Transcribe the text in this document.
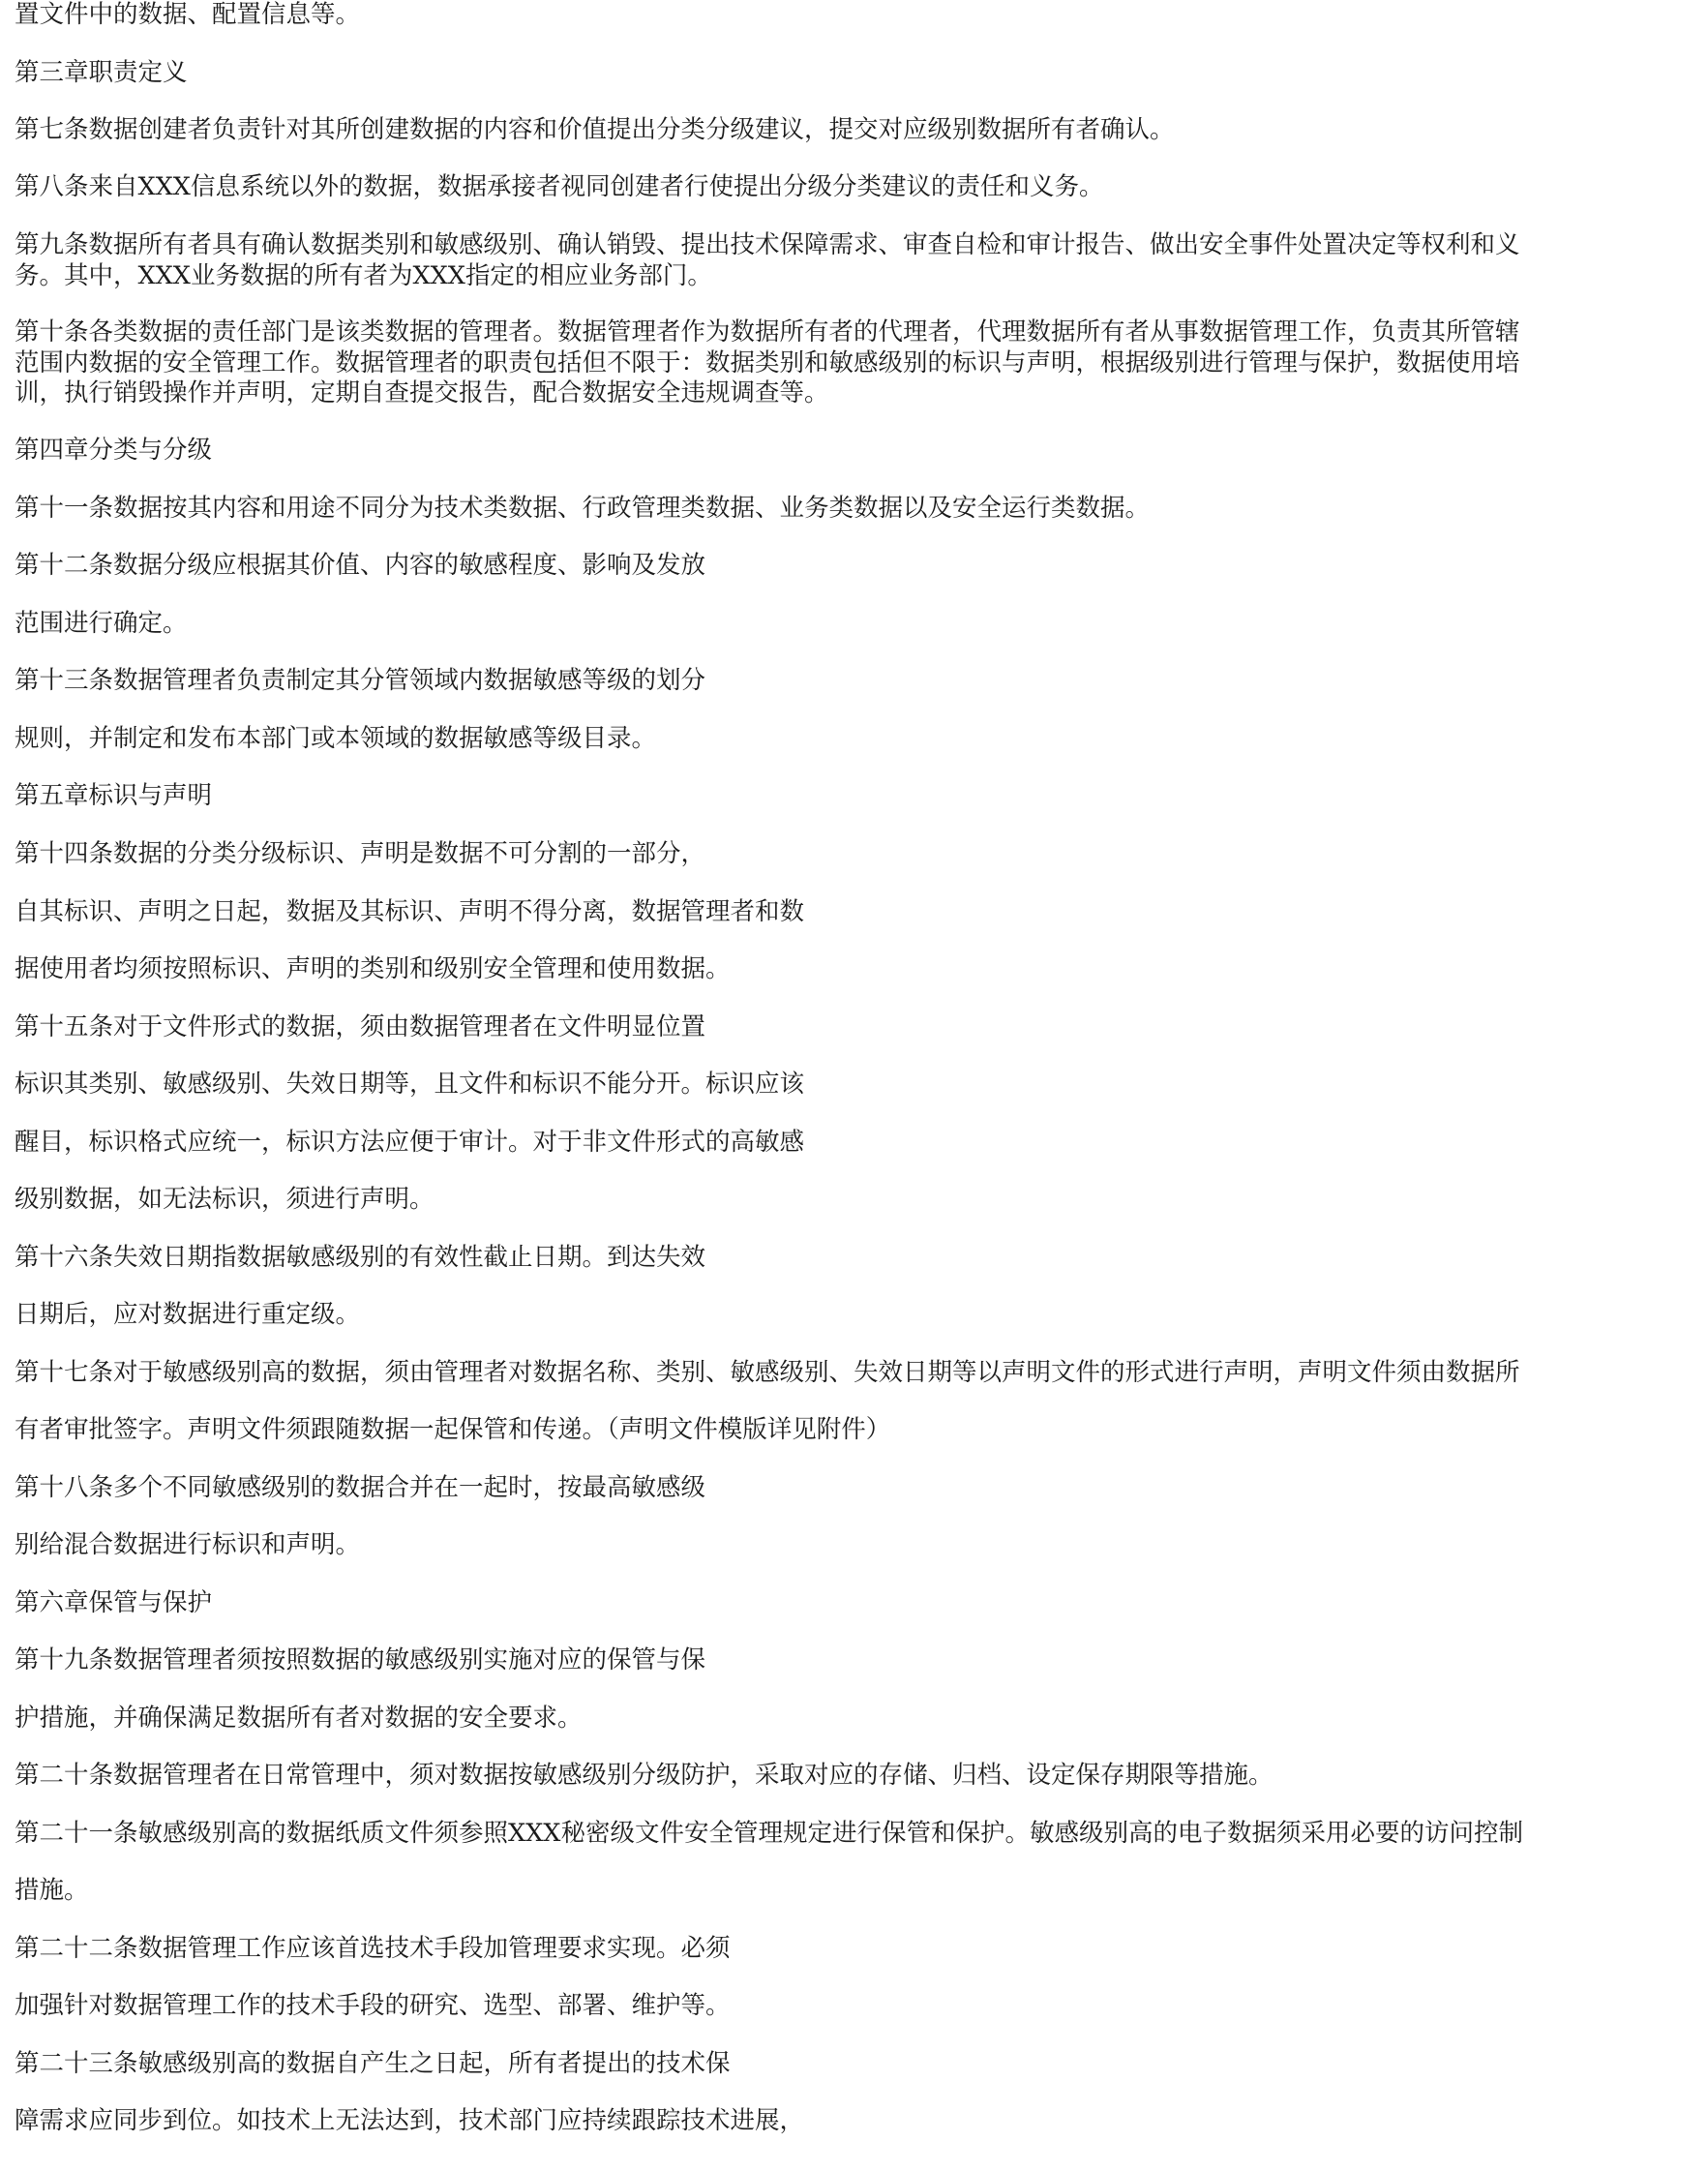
置文件中的数据、配置信息等。
第三章职责定义
第七条数据创建者负责针对其所创建数据的内容和价值提出分类分级建议，提交对应级别数据所有者确认。
第八条来自XXX信息系统以外的数据，数据承接者视同创建者行使提出分级分类建议的责任和义务。
第九条数据所有者具有确认数据类别和敏感级别、确认销毁、提出技术保障需求、审查自检和审计报告、做出安全事件处置决定等权利和义
务。其中，XXX业务数据的所有者为XXX指定的相应业务部门。
第十条各类数据的责任部门是该类数据的管理者。数据管理者作为数据所有者的代理者，代理数据所有者从事数据管理工作，负责其所管辖
范围内数据的安全管理工作。数据管理者的职责包括但不限于：数据类别和敏感级别的标识与声明，根据级别进行管理与保护，数据使用培
训，执行销毁操作并声明，定期自查提交报告，配合数据安全违规调查等。
第四章分类与分级
第十一条数据按其内容和用途不同分为技术类数据、行政管理类数据、业务类数据以及安全运行类数据。
第十二条数据分级应根据其价值、内容的敏感程度、影响及发放
范围进行确定。
第十三条数据管理者负责制定其分管领域内数据敏感等级的划分
规则，并制定和发布本部门或本领域的数据敏感等级目录。
第五章标识与声明
第十四条数据的分类分级标识、声明是数据不可分割的一部分，
自其标识、声明之日起，数据及其标识、声明不得分离，数据管理者和数
据使用者均须按照标识、声明的类别和级别安全管理和使用数据。
第十五条对于文件形式的数据，须由数据管理者在文件明显位置
标识其类别、敏感级别、失效日期等，且文件和标识不能分开。标识应该
醒目，标识格式应统一，标识方法应便于审计。对于非文件形式的高敏感
级别数据，如无法标识，须进行声明。
第十六条失效日期指数据敏感级别的有效性截止日期。到达失效
日期后，应对数据进行重定级。
第十七条对于敏感级别高的数据，须由管理者对数据名称、类别、敏感级别、失效日期等以声明文件的形式进行声明，声明文件须由数据所
有者审批签字。声明文件须跟随数据一起保管和传递。（声明文件模版详见附件）
第十八条多个不同敏感级别的数据合并在一起时，按最高敏感级
别给混合数据进行标识和声明。
第六章保管与保护
第十九条数据管理者须按照数据的敏感级别实施对应的保管与保
护措施，并确保满足数据所有者对数据的安全要求。
第二十条数据管理者在日常管理中，须对数据按敏感级别分级防护，采取对应的存储、归档、设定保存期限等措施。
第二十一条敏感级别高的数据纸质文件须参照XXX秘密级文件安全管理规定进行保管和保护。敏感级别高的电子数据须采用必要的访问控制
措施。
第二十二条数据管理工作应该首选技术手段加管理要求实现。必须
加强针对数据管理工作的技术手段的研究、选型、部署、维护等。
第二十三条敏感级别高的数据自产生之日起，所有者提出的技术保
障需求应同步到位。如技术上无法达到，技术部门应持续跟踪技术进展，
